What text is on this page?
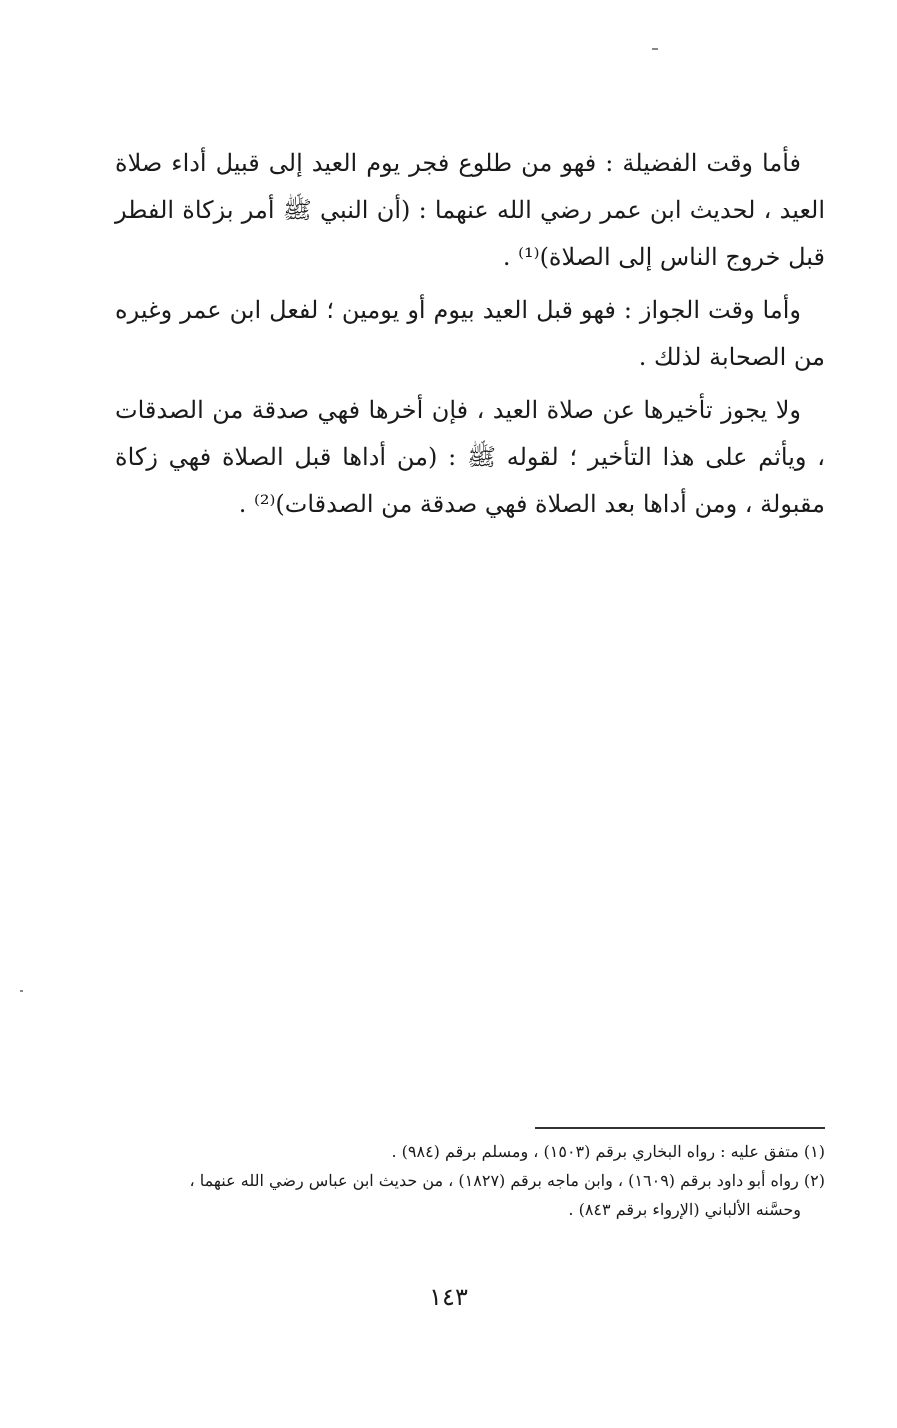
فأما وقت الفضيلة : فهو من طلوع فجر يوم العيد إلى قبيل أداء صلاة العيد ، لحديث ابن عمر رضي الله عنهما : (أن النبي ﷺ أمر بزكاة الفطر قبل خروج الناس إلى الصلاة)⁽¹⁾ .

وأما وقت الجواز : فهو قبل العيد بيوم أو يومين ؛ لفعل ابن عمر وغيره من الصحابة لذلك .

ولا يجوز تأخيرها عن صلاة العيد ، فإن أخرها فهي صدقة من الصدقات ، ويأثم على هذا التأخير ؛ لقوله ﷺ : (من أداها قبل الصلاة فهي زكاة مقبولة ، ومن أداها بعد الصلاة فهي صدقة من الصدقات)⁽²⁾ .

(١) متفق عليه : رواه البخاري برقم (١٥٠٣) ، ومسلم برقم (٩٨٤) .

(٢) رواه أبو داود برقم (١٦٠٩) ، وابن ماجه برقم (١٨٢٧) ، من حديث ابن عباس رضي الله عنهما ،

وحسَّنه الألباني (الإرواء برقم ٨٤٣) .

١٤٣
